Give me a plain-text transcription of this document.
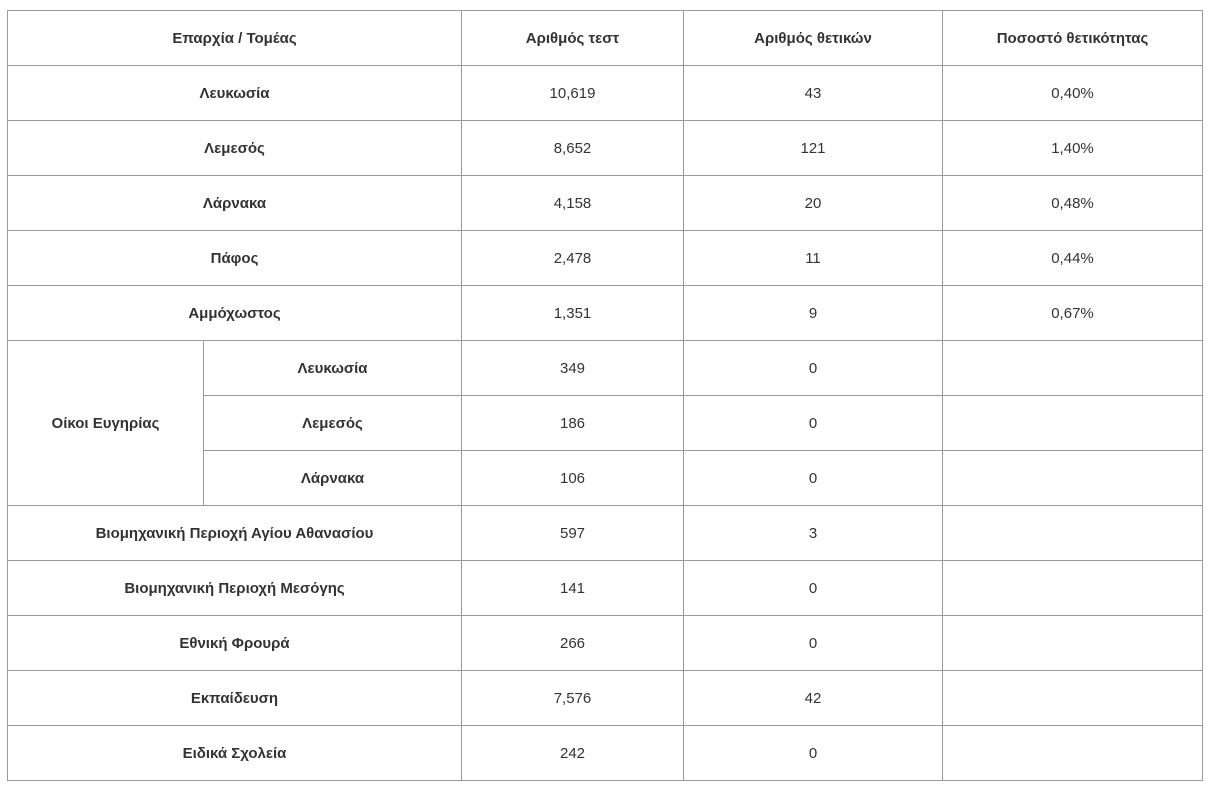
Επαρχία / Τομέας		Αριθμός τεστ	Αριθμός θετικών	Ποσοστό θετικότητας
Λευκωσία		10,619	43	0,40%
Λεμεσός		8,652	121	1,40%
Λάρνακα		4,158	20	0,48%
Πάφος		2,478	11	0,44%
Αμμόχωστος		1,351	9	0,67%
Οίκοι Ευγηρίας	Λευκωσία	349	0	
	Λεμεσός	186	0	
	Λάρνακα	106	0	
Βιομηχανική Περιοχή Αγίου Αθανασίου		597	3	
Βιομηχανική Περιοχή Μεσόγης		141	0	
Εθνική Φρουρά		266	0	
Εκπαίδευση		7,576	42	
Ειδικά Σχολεία		242	0	
